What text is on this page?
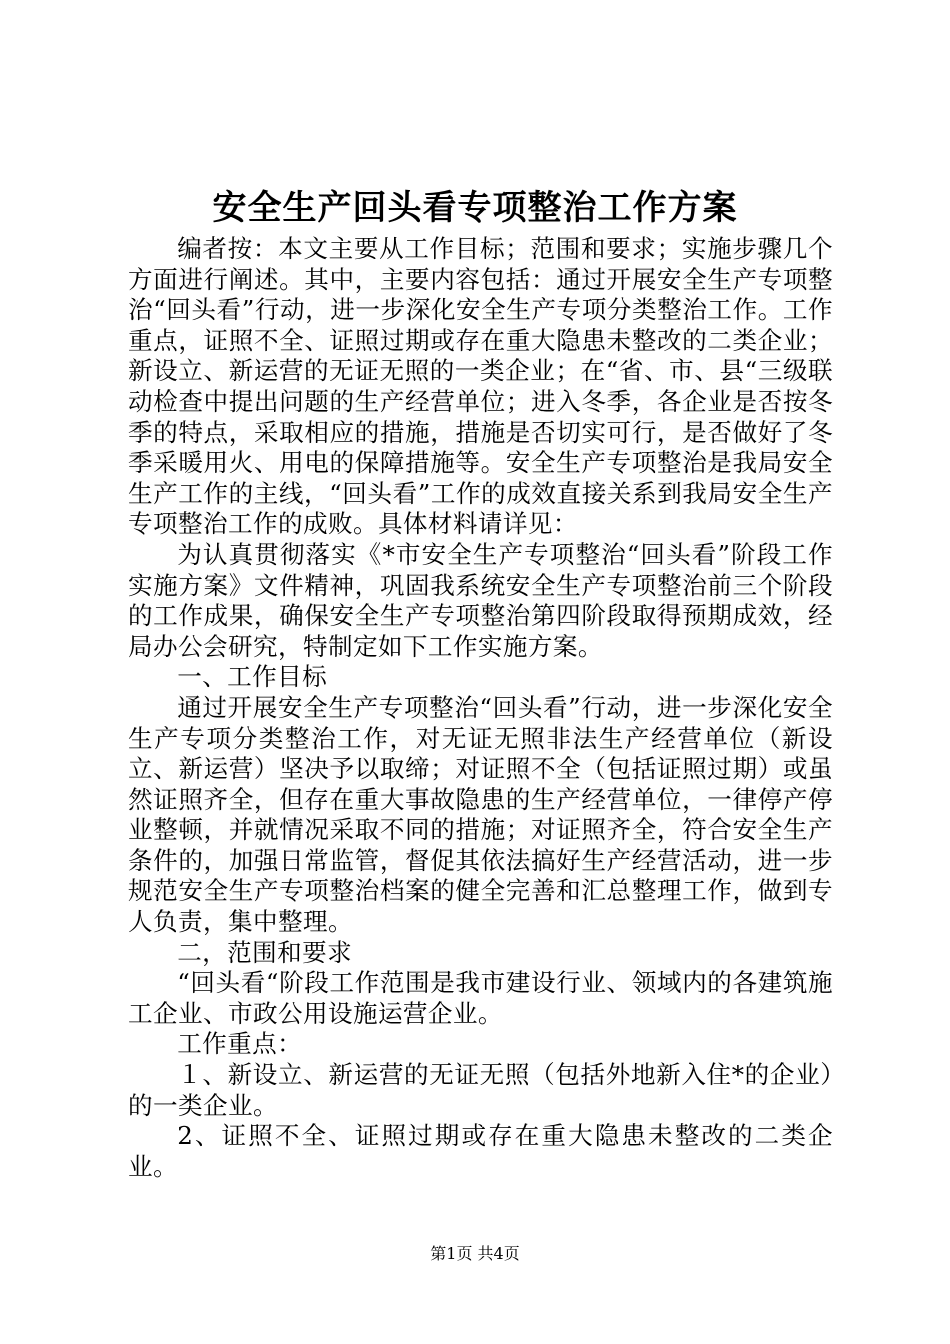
安全生产回头看专项整治工作方案

编者按：本文主要从工作目标；范围和要求；实施步骤几个方面进行阐述。其中，主要内容包括：通过开展安全生产专项整治“回头看”行动，进一步深化安全生产专项分类整治工作。工作重点，证照不全、证照过期或存在重大隐患未整改的二类企业；新设立、新运营的无证无照的一类企业；在“省、市、县“三级联动检查中提出问题的生产经营单位；进入冬季，各企业是否按冬季的特点，采取相应的措施，措施是否切实可行，是否做好了冬季采暖用火、用电的保障措施等。安全生产专项整治是我局安全生产工作的主线，“回头看”工作的成效直接关系到我局安全生产专项整治工作的成败。具体材料请详见：

为认真贯彻落实《*市安全生产专项整治“回头看”阶段工作实施方案》文件精神，巩固我系统安全生产专项整治前三个阶段的工作成果，确保安全生产专项整治第四阶段取得预期成效，经局办公会研究，特制定如下工作实施方案。

一、工作目标

通过开展安全生产专项整治“回头看”行动，进一步深化安全生产专项分类整治工作，对无证无照非法生产经营单位（新设立、新运营）坚决予以取缔；对证照不全（包括证照过期）或虽然证照齐全，但存在重大事故隐患的生产经营单位，一律停产停业整顿，并就情况采取不同的措施；对证照齐全，符合安全生产条件的，加强日常监管，督促其依法搞好生产经营活动，进一步规范安全生产专项整治档案的健全完善和汇总整理工作，做到专人负责，集中整理。

二，范围和要求

“回头看“阶段工作范围是我市建设行业、领域内的各建筑施工企业、市政公用设施运营企业。

工作重点：

１、新设立、新运营的无证无照（包括外地新入住*的企业）的一类企业。

2、证照不全、证照过期或存在重大隐患未整改的二类企业。

第1页 共4页
